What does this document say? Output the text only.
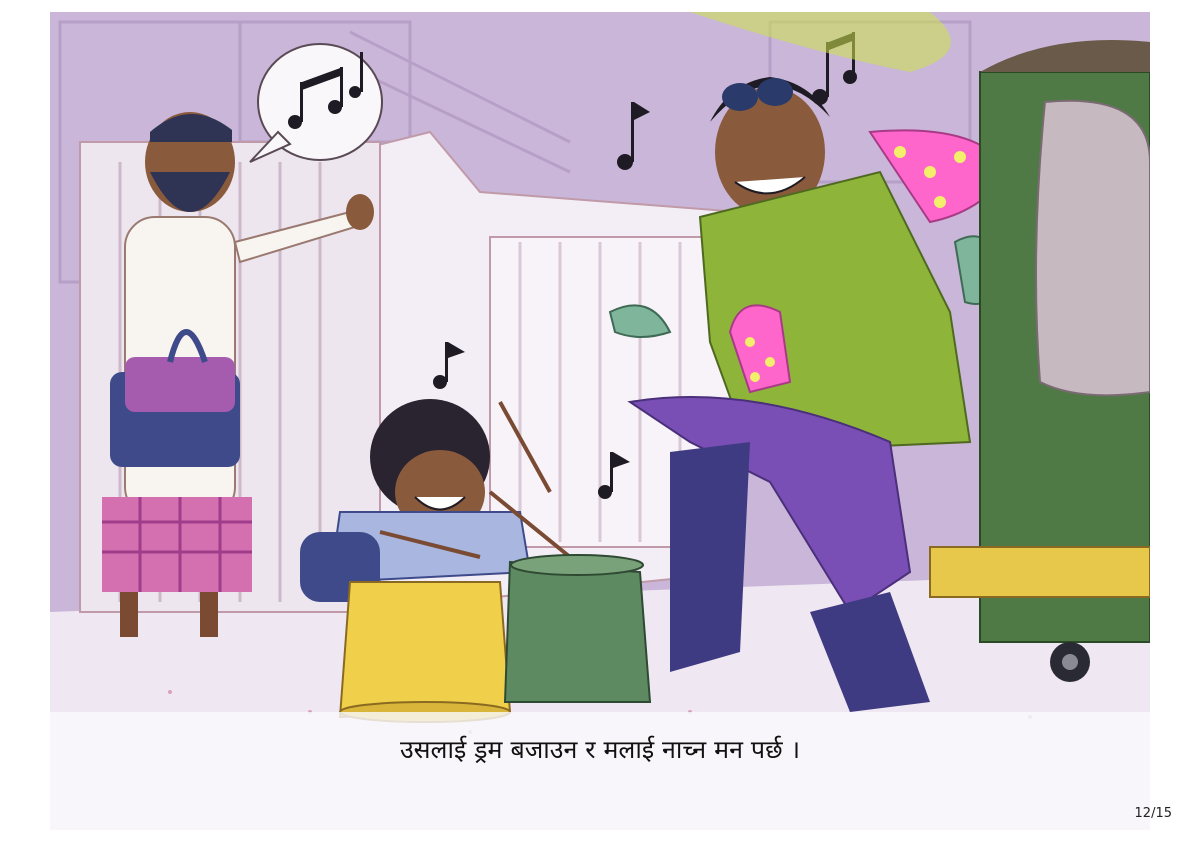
उसलाई ड्रम बजाउन र मलाई नाच्न मन पर्छ ।
12/15
